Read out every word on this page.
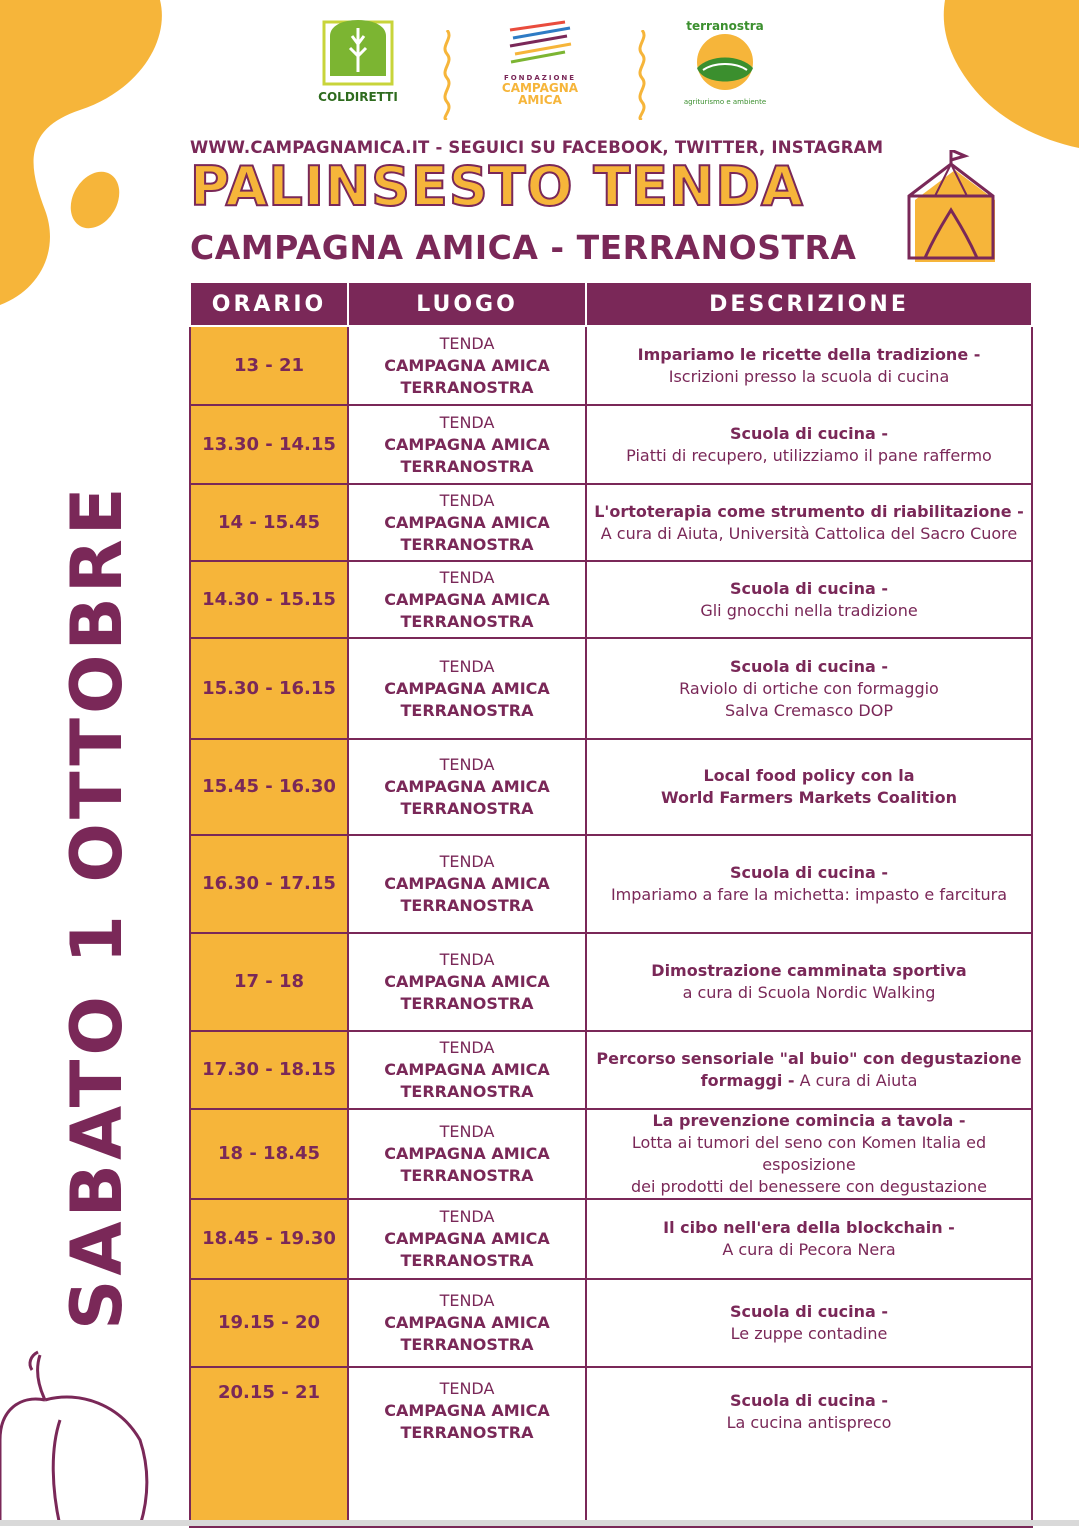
COLDIRETTI
FONDAZIONE
CAMPAGNA
AMICA
terranostra
agriturismo e ambiente
WWW.CAMPAGNAMICA.IT - SEGUICI SU FACEBOOK, TWITTER, INSTAGRAM
PALINSESTO TENDA
CAMPAGNA AMICA - TERRANOSTRA
SABATO 1 OTTOBRE
ORARIO	LUOGO	DESCRIZIONE
13 - 21	TENDA
CAMPAGNA AMICA
TERRANOSTRA	Impariamo le ricette della tradizione -
Iscrizioni presso la scuola di cucina

13.30 - 14.15	TENDA
CAMPAGNA AMICA
TERRANOSTRA	Scuola di cucina -
Piatti di recupero, utilizziamo il pane raffermo

14 - 15.45	TENDA
CAMPAGNA AMICA
TERRANOSTRA	L'ortoterapia come strumento di riabilitazione -
A cura di Aiuta, Università Cattolica del Sacro Cuore

14.30 - 15.15	TENDA
CAMPAGNA AMICA
TERRANOSTRA	Scuola di cucina -
Gli gnocchi nella tradizione

15.30 - 16.15	TENDA
CAMPAGNA AMICA
TERRANOSTRA	Scuola di cucina -
Raviolo di ortiche con formaggio
Salva Cremasco DOP

15.45 - 16.30	TENDA
CAMPAGNA AMICA
TERRANOSTRA	Local food policy con la
World Farmers Markets Coalition

16.30 - 17.15	TENDA
CAMPAGNA AMICA
TERRANOSTRA	Scuola di cucina -
Impariamo a fare la michetta: impasto e farcitura

17 - 18	TENDA
CAMPAGNA AMICA
TERRANOSTRA	Dimostrazione camminata sportiva
a cura di Scuola Nordic Walking

17.30 - 18.15	TENDA
CAMPAGNA AMICA
TERRANOSTRA	Percorso sensoriale "al buio" con degustazione
formaggi - A cura di Aiuta

18 - 18.45	TENDA
CAMPAGNA AMICA
TERRANOSTRA	La prevenzione comincia a tavola -
Lotta ai tumori del seno con Komen Italia ed esposizione
dei prodotti del benessere con degustazione

18.45 - 19.30	TENDA
CAMPAGNA AMICA
TERRANOSTRA	Il cibo nell'era della blockchain -
A cura di Pecora Nera

19.15 - 20	TENDA
CAMPAGNA AMICA
TERRANOSTRA	Scuola di cucina -
Le zuppe contadine

20.15 - 21	TENDA
CAMPAGNA AMICA
TERRANOSTRA	Scuola di cucina -
La cucina antispreco
